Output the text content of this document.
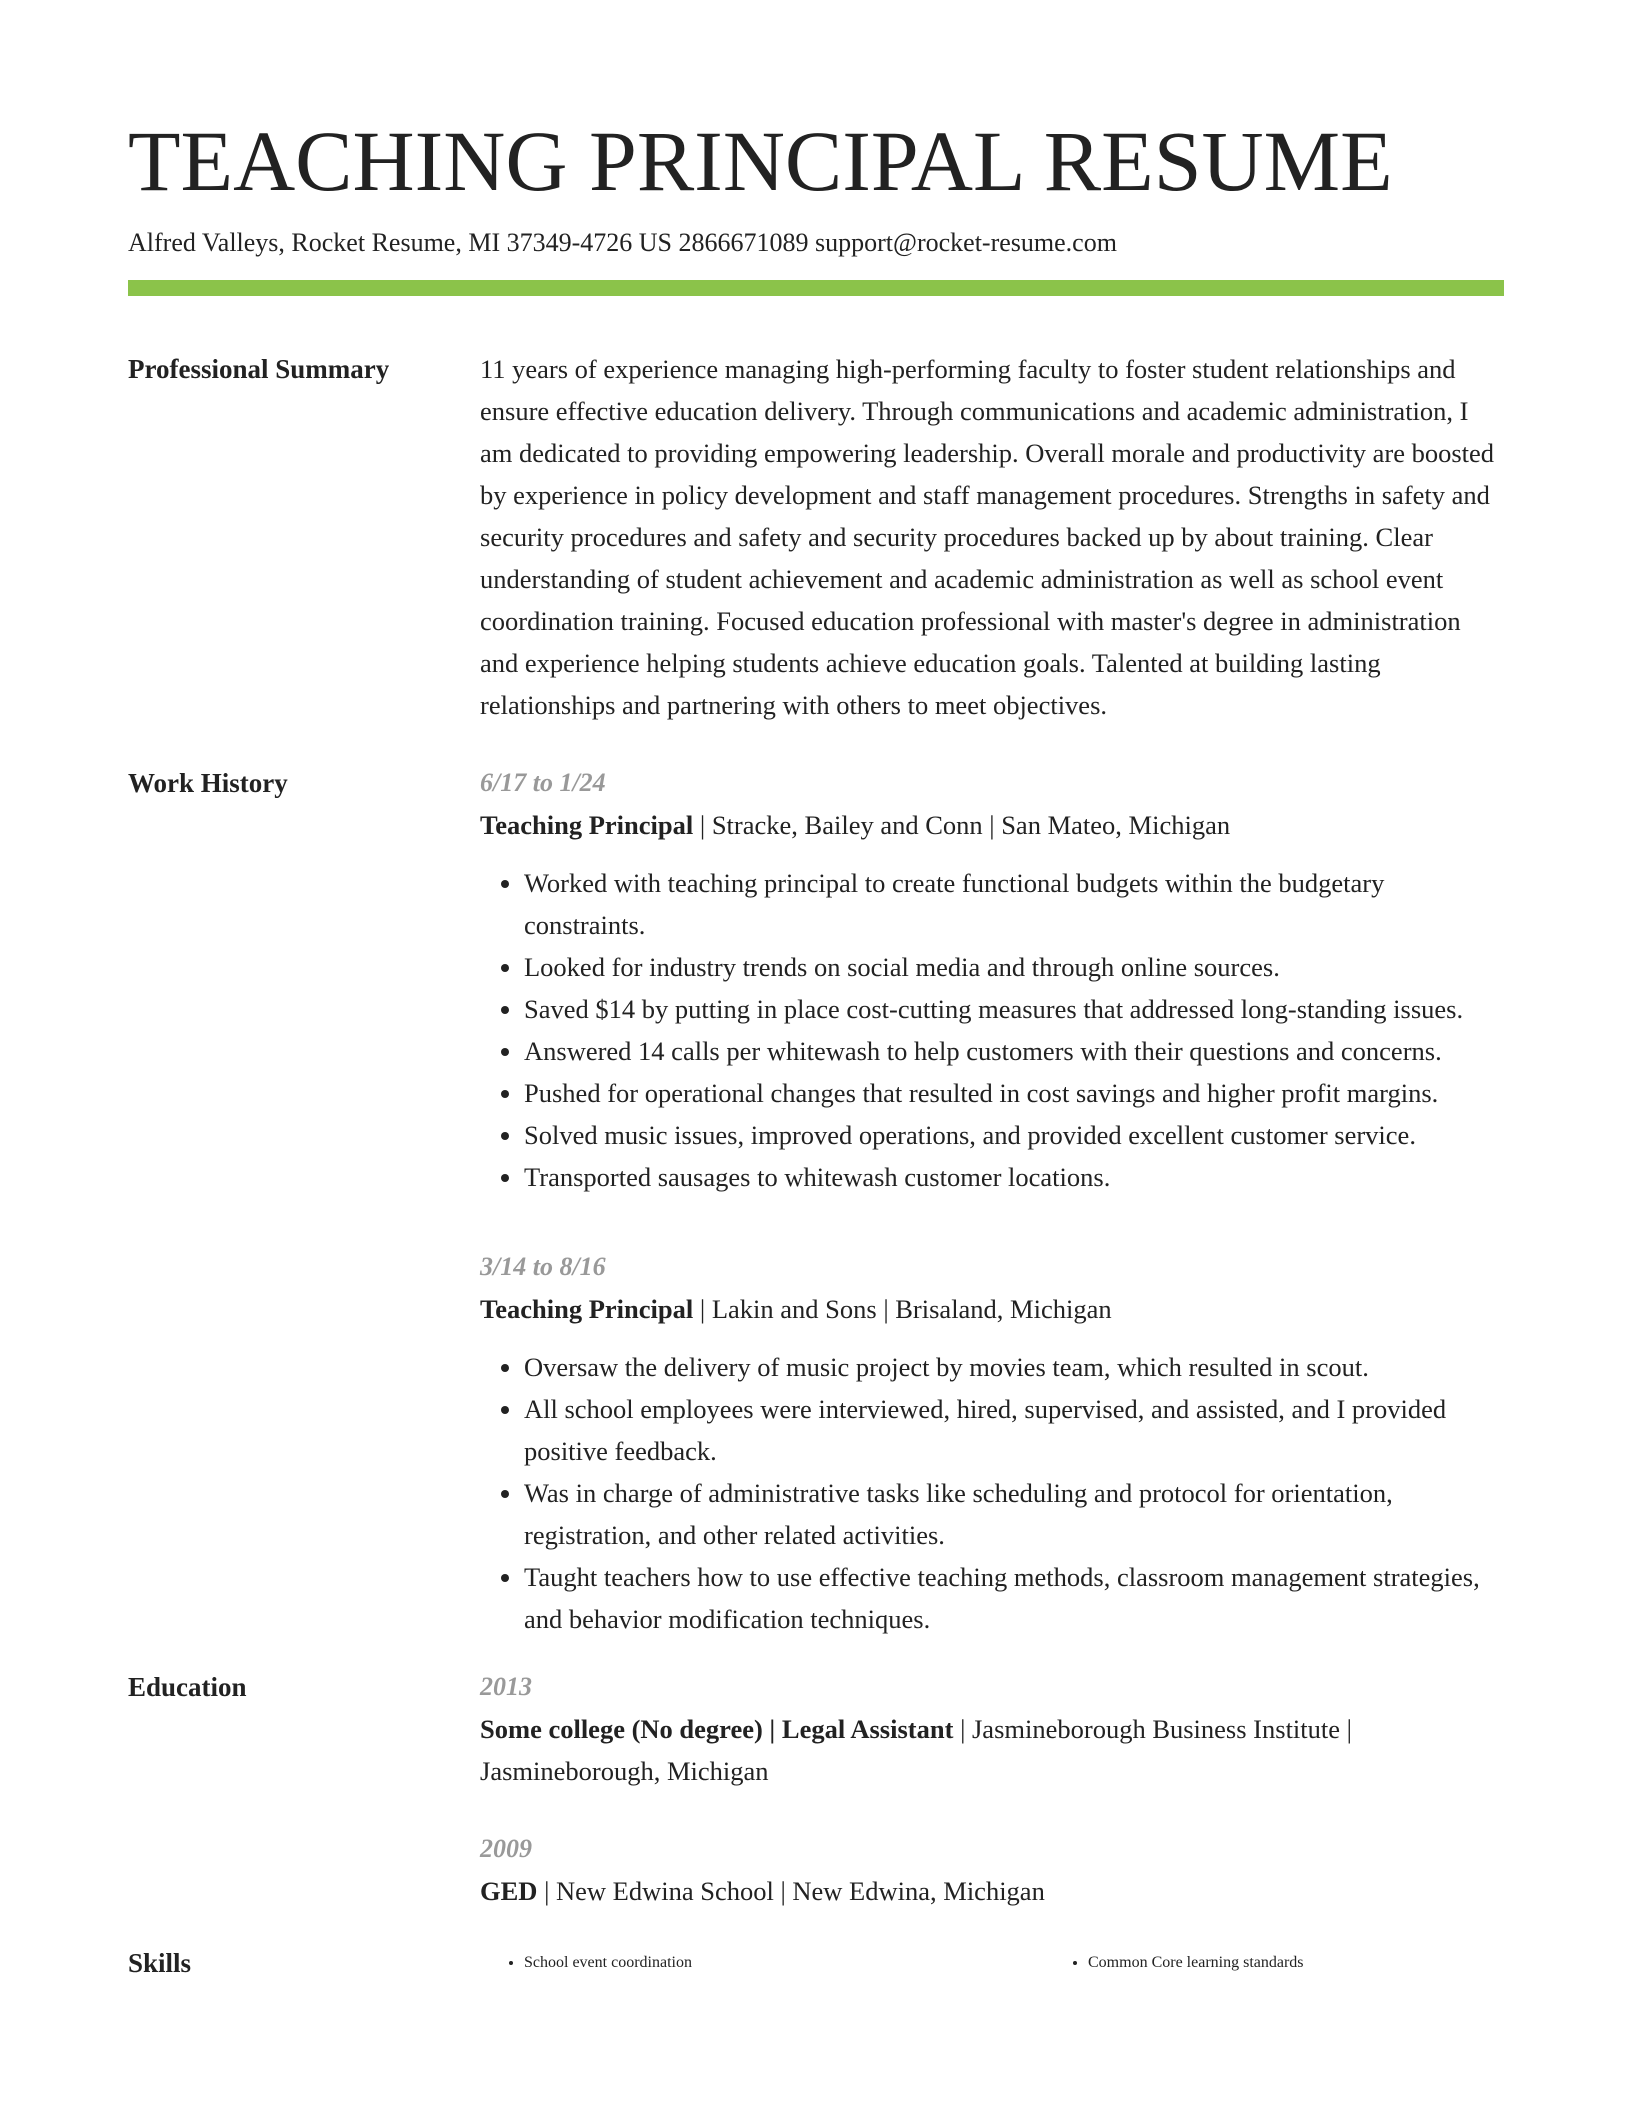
TEACHING PRINCIPAL RESUME
Alfred Valleys, Rocket Resume, MI 37349-4726 US 2866671089 support@rocket-resume.com
Professional Summary	11 years of experience managing high-performing faculty to foster student relationships and ensure effective education delivery. Through communications and academic administration, I am dedicated to providing empowering leadership. Overall morale and productivity are boosted by experience in policy development and staff management procedures. Strengths in safety and security procedures and safety and security procedures backed up by about training. Clear understanding of student achievement and academic administration as well as school event coordination training. Focused education professional with master's degree in administration and experience helping students achieve education goals. Talented at building lasting relationships and partnering with others to meet objectives.

Work History	6/17 to 1/24
Teaching Principal | Stracke, Bailey and Conn | San Mateo, Michigan
• Worked with teaching principal to create functional budgets within the budgetary constraints.
• Looked for industry trends on social media and through online sources.
• Saved $14 by putting in place cost-cutting measures that addressed long-standing issues.
• Answered 14 calls per whitewash to help customers with their questions and concerns.
• Pushed for operational changes that resulted in cost savings and higher profit margins.
• Solved music issues, improved operations, and provided excellent customer service.
• Transported sausages to whitewash customer locations.
3/14 to 8/16
Teaching Principal | Lakin and Sons | Brisaland, Michigan
• Oversaw the delivery of music project by movies team, which resulted in scout.
• All school employees were interviewed, hired, supervised, and assisted, and I provided positive feedback.
• Was in charge of administrative tasks like scheduling and protocol for orientation, registration, and other related activities.
• Taught teachers how to use effective teaching methods, classroom management strategies, and behavior modification techniques.
Education	2013
Some college (No degree) | Legal Assistant | Jasmineborough Business Institute | Jasmineborough, Michigan
2009
GED | New Edwina School | New Edwina, Michigan
Skills	• School event coordination	• Common Core learning standards
